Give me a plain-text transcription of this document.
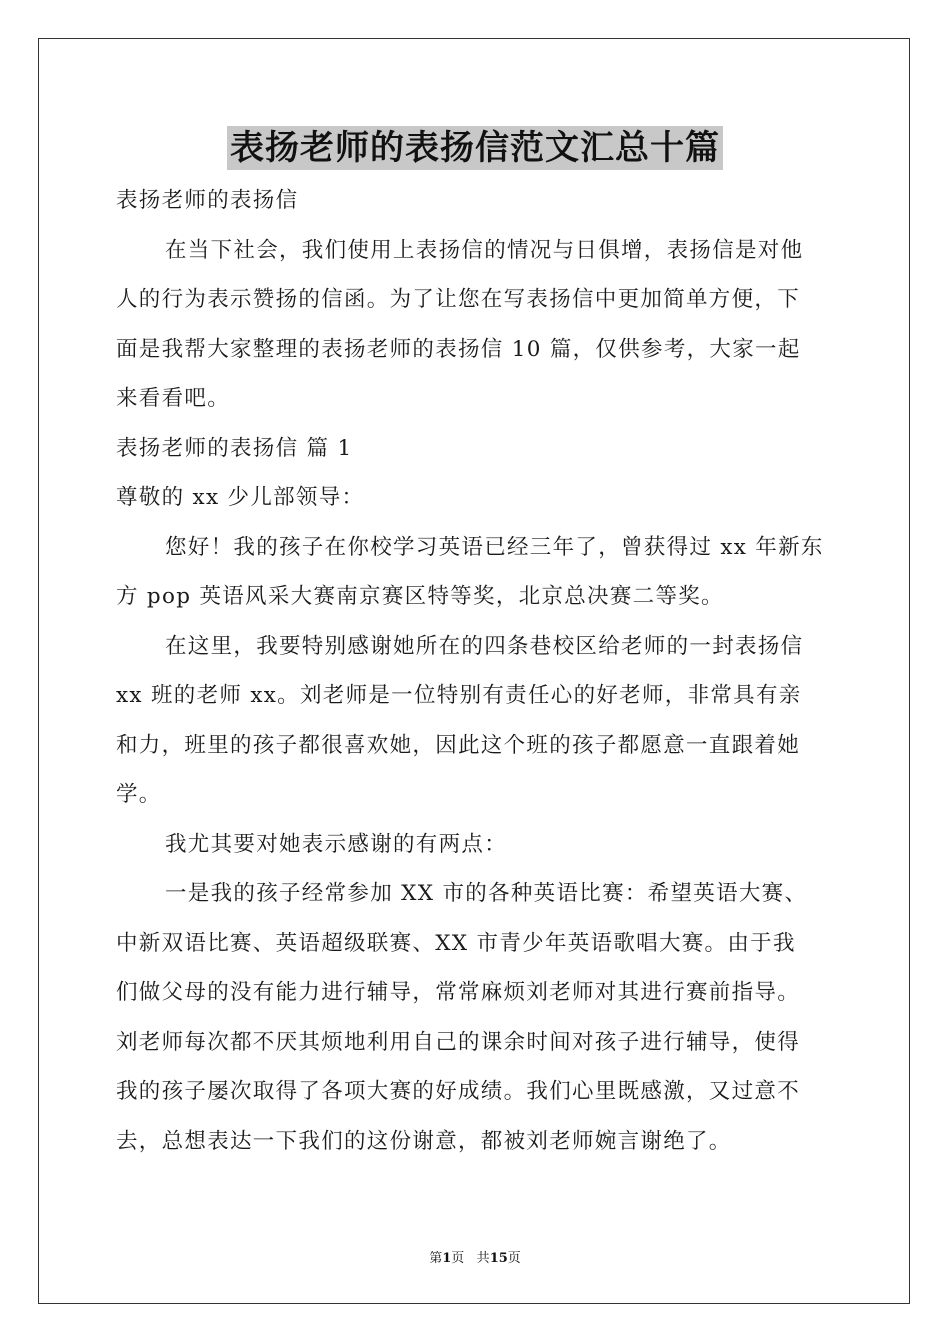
表扬老师的表扬信范文汇总十篇
表扬老师的表扬信
在当下社会，我们使用上表扬信的情况与日俱增，表扬信是对他
人的行为表示赞扬的信函。为了让您在写表扬信中更加简单方便，下
面是我帮大家整理的表扬老师的表扬信 10 篇，仅供参考，大家一起
来看看吧。
表扬老师的表扬信 篇 1
尊敬的 xx 少儿部领导：
您好！我的孩子在你校学习英语已经三年了，曾获得过 xx 年新东
方 pop 英语风采大赛南京赛区特等奖，北京总决赛二等奖。
在这里，我要特别感谢她所在的四条巷校区给老师的一封表扬信
xx 班的老师 xx。刘老师是一位特别有责任心的好老师，非常具有亲
和力，班里的孩子都很喜欢她，因此这个班的孩子都愿意一直跟着她
学。
我尤其要对她表示感谢的有两点：
一是我的孩子经常参加 XX 市的各种英语比赛：希望英语大赛、
中新双语比赛、英语超级联赛、XX 市青少年英语歌唱大赛。由于我
们做父母的没有能力进行辅导，常常麻烦刘老师对其进行赛前指导。
刘老师每次都不厌其烦地利用自己的课余时间对孩子进行辅导，使得
我的孩子屡次取得了各项大赛的好成绩。我们心里既感激，又过意不
去，总想表达一下我们的这份谢意，都被刘老师婉言谢绝了。
第1页 共15页
